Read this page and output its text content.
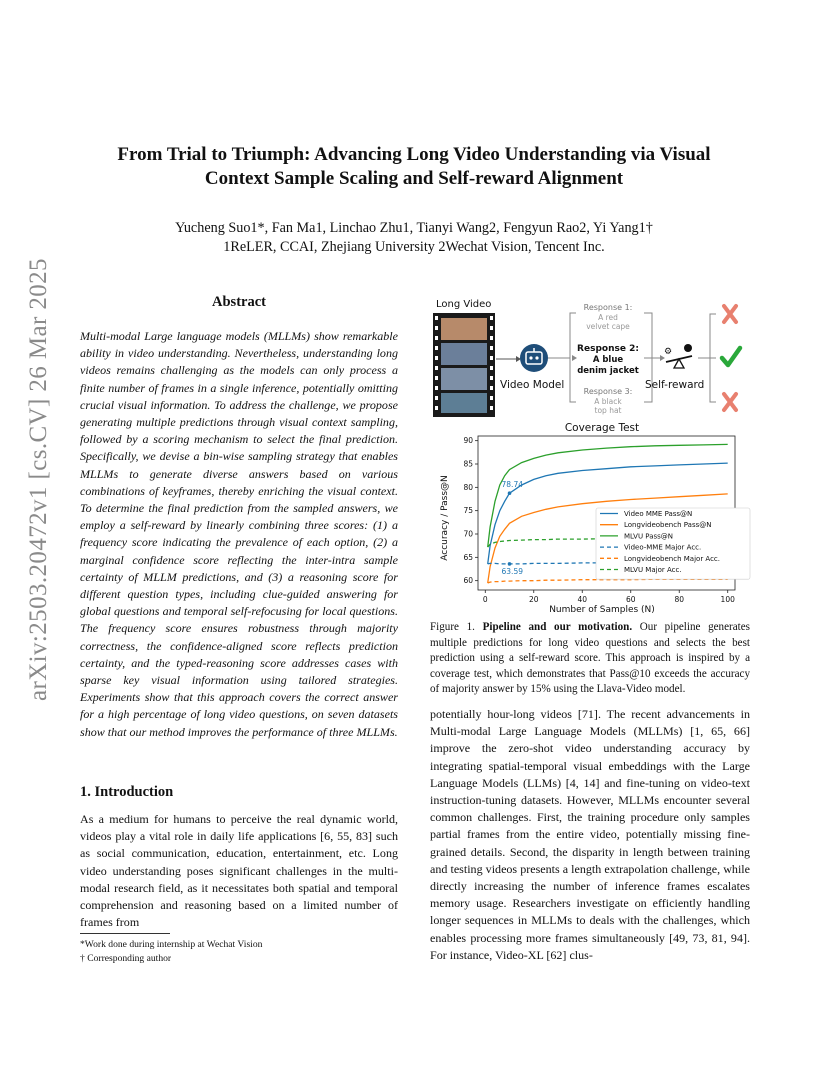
arXiv:2503.20472v1 [cs.CV] 26 Mar 2025
From Trial to Triumph: Advancing Long Video Understanding via Visual
Context Sample Scaling and Self-reward Alignment
Yucheng Suo1*, Fan Ma1, Linchao Zhu1, Tianyi Wang2, Fengyun Rao2, Yi Yang1†
1ReLER, CCAI, Zhejiang University 2Wechat Vision, Tencent Inc.
Abstract
Multi-modal Large language models (MLLMs) show remarkable ability in video understanding. Nevertheless, understanding long videos remains challenging as the models can only process a finite number of frames in a single inference, potentially omitting crucial visual information. To address the challenge, we propose generating multiple predictions through visual context sampling, followed by a scoring mechanism to select the final prediction. Specifically, we devise a bin-wise sampling strategy that enables MLLMs to generate diverse answers based on various combinations of keyframes, thereby enriching the visual context. To determine the final prediction from the sampled answers, we employ a self-reward by linearly combining three scores: (1) a frequency score indicating the prevalence of each option, (2) a marginal confidence score reflecting the inter-intra sample certainty of MLLM predictions, and (3) a reasoning score for different question types, including clue-guided answering for global questions and temporal self-refocusing for local questions. The frequency score ensures robustness through majority correctness, the confidence-aligned score reflects prediction certainty, and the typed-reasoning score addresses cases with sparse key visual information using tailored strategies. Experiments show that this approach covers the correct answer for a high percentage of long video questions, on seven datasets show that our method improves the performance of three MLLMs.
1. Introduction
As a medium for humans to perceive the real dynamic world, videos play a vital role in daily life applications [6, 55, 83] such as social communication, education, entertainment, etc. Long video understanding poses significant challenges in the multi-modal research field, as it necessitates both spatial and temporal comprehension and reasoning based on a limited number of frames from
*Work done during internship at Wechat Vision
† Corresponding author
Long Video
Video Model
Response 1:
A red
velvet cape
Response 2:
A blue
denim jacket
Response 3:
A black
top hat
⚙
Self-reward
Coverage Test
Number of Samples (N)
Accuracy / Pass@N
0	20	40	60	80	100
60
65
70
75
80
85
90
78.74
63.59
Video MME Pass@N
Longvideobench Pass@N
MLVU Pass@N
Video-MME Major Acc.
Longvideobench Major Acc.
MLVU Major Acc.
Figure 1. Pipeline and our motivation. Our pipeline generates multiple predictions for long video questions and selects the best prediction using a self-reward score. This approach is inspired by a coverage test, which demonstrates that Pass@10 exceeds the accuracy of majority answer by 15% using the Llava-Video model.
potentially hour-long videos [71]. The recent advancements in Multi-modal Large Language Models (MLLMs) [1, 65, 66] improve the zero-shot video understanding accuracy by integrating spatial-temporal visual embeddings with the Large Language Models (LLMs) [4, 14] and fine-tuning on video-text instruction-tuning datasets. However, MLLMs encounter several common challenges. First, the training procedure only samples partial frames from the entire video, potentially missing fine-grained details. Second, the disparity in length between training and testing videos presents a length extrapolation challenge, while directly increasing the number of inference frames escalates memory usage. Researchers investigate on efficiently handling longer sequences in MLLMs to deals with the challenges, which enables processing more frames simultaneously [49, 73, 81, 94]. For instance, Video-XL [62] clus-
